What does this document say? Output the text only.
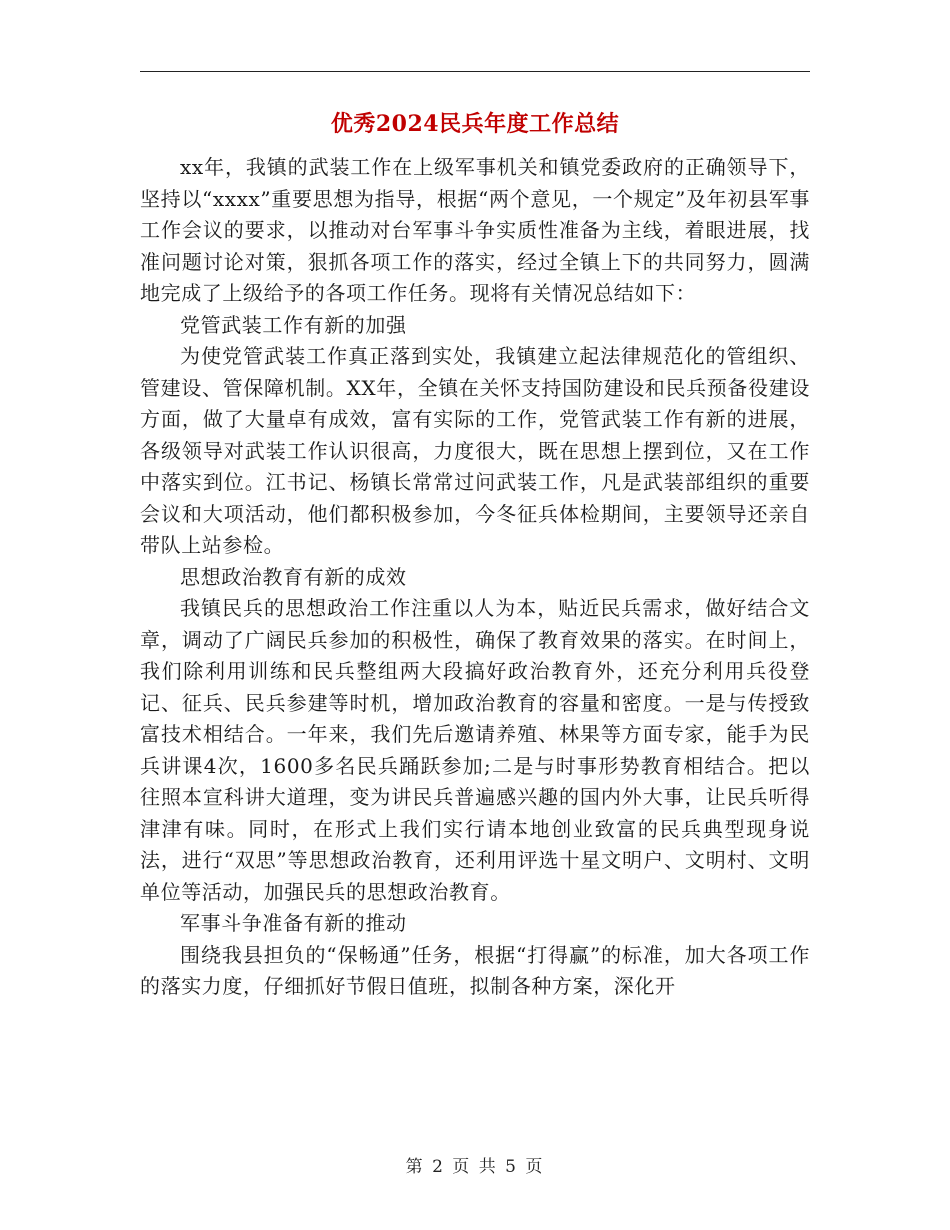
优秀2024民兵年度工作总结

xx年，我镇的武装工作在上级军事机关和镇党委政府的正确领导下，坚持以“xxxx”重要思想为指导，根据“两个意见，一个规定”及年初县军事工作会议的要求，以推动对台军事斗争实质性准备为主线，着眼进展，找准问题讨论对策，狠抓各项工作的落实，经过全镇上下的共同努力，圆满地完成了上级给予的各项工作任务。现将有关情况总结如下：

党管武装工作有新的加强

为使党管武装工作真正落到实处，我镇建立起法律规范化的管组织、管建设、管保障机制。XX年，全镇在关怀支持国防建设和民兵预备役建设方面，做了大量卓有成效，富有实际的工作，党管武装工作有新的进展，各级领导对武装工作认识很高，力度很大，既在思想上摆到位，又在工作中落实到位。江书记、杨镇长常常过问武装工作，凡是武装部组织的重要会议和大项活动，他们都积极参加，今冬征兵体检期间，主要领导还亲自带队上站参检。

思想政治教育有新的成效

我镇民兵的思想政治工作注重以人为本，贴近民兵需求，做好结合文章，调动了广阔民兵参加的积极性，确保了教育效果的落实。在时间上，我们除利用训练和民兵整组两大段搞好政治教育外，还充分利用兵役登记、征兵、民兵参建等时机，增加政治教育的容量和密度。一是与传授致富技术相结合。一年来，我们先后邀请养殖、林果等方面专家，能手为民兵讲课4次，1600多名民兵踊跃参加;二是与时事形势教育相结合。把以往照本宣科讲大道理，变为讲民兵普遍感兴趣的国内外大事，让民兵听得津津有味。同时，在形式上我们实行请本地创业致富的民兵典型现身说法，进行“双思”等思想政治教育，还利用评选十星文明户、文明村、文明单位等活动，加强民兵的思想政治教育。

军事斗争准备有新的推动

围绕我县担负的“保畅通”任务，根据“打得赢”的标准，加大各项工作的落实力度，仔细抓好节假日值班，拟制各种方案，深化开

第 2 页 共 5 页
